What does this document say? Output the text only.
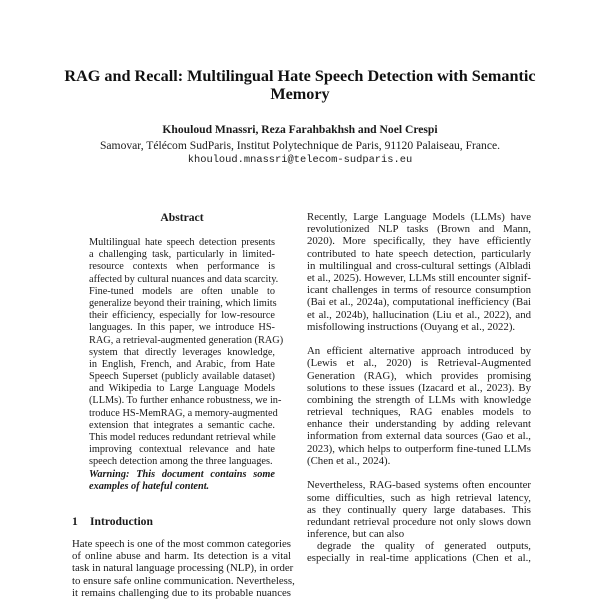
RAG and Recall: Multilingual Hate Speech Detection with Semantic
Memory
Khouloud Mnassri, Reza Farahbakhsh and Noel Crespi
Samovar, Télécom SudParis, Institut Polytechnique de Paris, 91120 Palaiseau, France.
khouloud.mnassri@telecom-sudparis.eu
Abstract
Multilingual hate speech detection presents
a challenging task, particularly in limited-
resource contexts when performance is
affected by cultural nuances and data scarcity.
Fine-tuned models are often unable to
generalize beyond their training, which limits
their efficiency, especially for low-resource
languages. In this paper, we introduce HS-
RAG, a retrieval-augmented generation (RAG)
system that directly leverages knowledge,
in English, French, and Arabic, from Hate
Speech Superset (publicly available dataset)
and Wikipedia to Large Language Models
(LLMs). To further enhance robustness, we in-
troduce HS-MemRAG, a memory-augmented
extension that integrates a semantic cache.
This model reduces redundant retrieval while
improving contextual relevance and hate
speech detection among the three languages.
Warning: This document contains some
examples of hateful content.
1 Introduction
Hate speech is one of the most common categories
of online abuse and harm. Its detection is a vital
task in natural language processing (NLP), in order
to ensure safe online communication. Nevertheless,
it remains challenging due to its probable nuances
Recently, Large Language Models (LLMs) have
revolutionized NLP tasks (Brown and Mann,
2020). More specifically, they have efficiently
contributed to hate speech detection, particularly
in multilingual and cross-cultural settings (Albladi
et al., 2025). However, LLMs still encounter signif-
icant challenges in terms of resource consumption
(Bai et al., 2024a), computational inefficiency (Bai
et al., 2024b), hallucination (Liu et al., 2022), and
misfollowing instructions (Ouyang et al., 2022).
An efficient alternative approach introduced by
(Lewis et al., 2020) is Retrieval-Augmented
Generation (RAG), which provides promising
solutions to these issues (Izacard et al., 2023). By
combining the strength of LLMs with knowledge
retrieval techniques, RAG enables models to
enhance their understanding by adding relevant
information from external data sources (Gao et al.,
2023), which helps to outperform fine-tuned LLMs
(Chen et al., 2024).
Nevertheless, RAG-based systems often encounter
some difficulties, such as high retrieval latency,
as they continually query large databases. This
redundant retrieval procedure not only slows down
inference, but can also
degrade the quality of generated outputs,
especially in real-time applications (Chen et al.,
